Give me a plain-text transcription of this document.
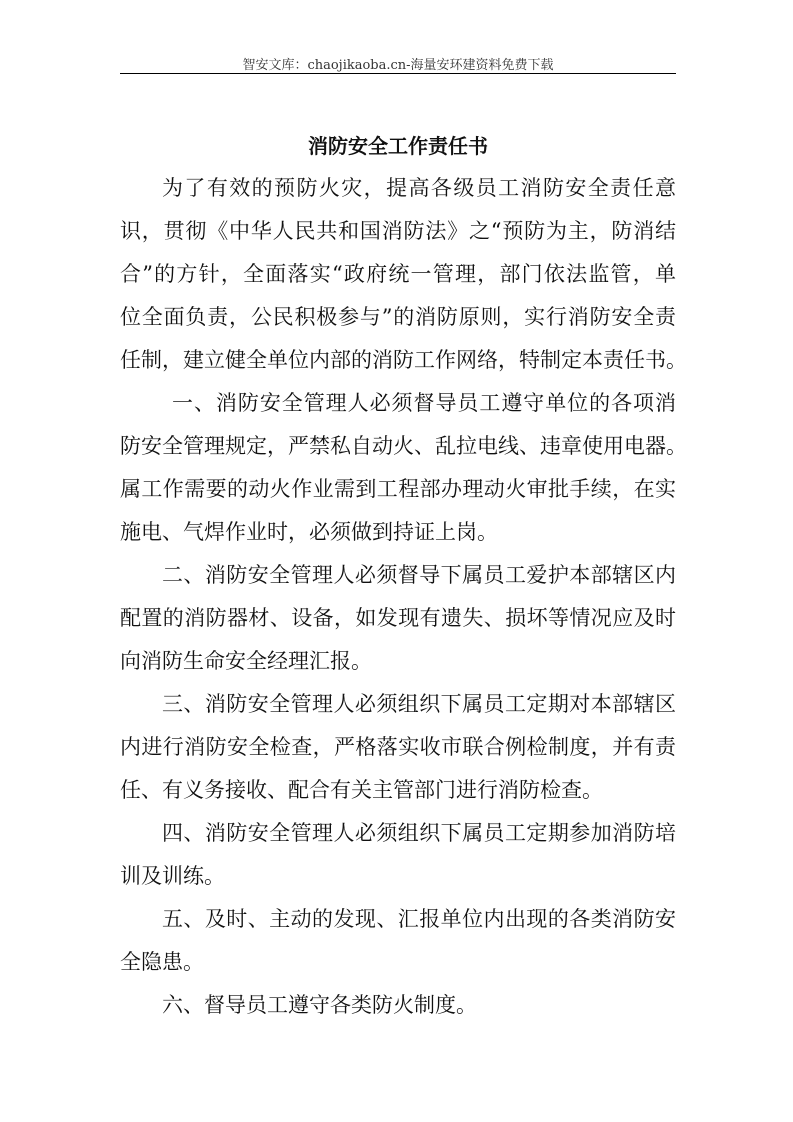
智安文库：chaojikaoba.cn-海量安环建资料免费下载
消防安全工作责任书
为了有效的预防火灾，提高各级员工消防安全责任意
识，贯彻《中华人民共和国消防法》之“预防为主，防消结
合”的方针，全面落实“政府统一管理，部门依法监管，单
位全面负责，公民积极参与”的消防原则，实行消防安全责
任制，建立健全单位内部的消防工作网络，特制定本责任书。
一、消防安全管理人必须督导员工遵守单位的各项消
防安全管理规定，严禁私自动火、乱拉电线、违章使用电器。
属工作需要的动火作业需到工程部办理动火审批手续，在实
施电、气焊作业时，必须做到持证上岗。
二、消防安全管理人必须督导下属员工爱护本部辖区内
配置的消防器材、设备，如发现有遗失、损坏等情况应及时
向消防生命安全经理汇报。
三、消防安全管理人必须组织下属员工定期对本部辖区
内进行消防安全检查，严格落实收市联合例检制度，并有责
任、有义务接收、配合有关主管部门进行消防检查。
四、消防安全管理人必须组织下属员工定期参加消防培
训及训练。
五、及时、主动的发现、汇报单位内出现的各类消防安
全隐患。
六、督导员工遵守各类防火制度。
